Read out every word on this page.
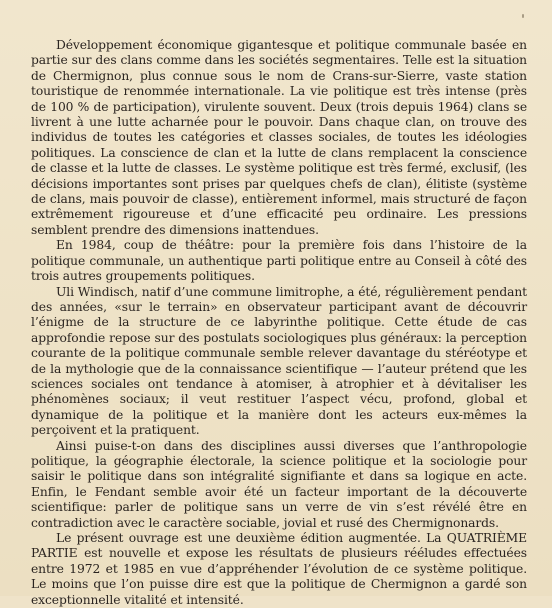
Développement économique gigantesque et politique communale basée en partie sur des clans comme dans les sociétés segmentaires. Telle est la situation de Chermignon, plus connue sous le nom de Crans-sur-Sierre, vaste station touristique de renommée internationale. La vie politique est très intense (près de 100 % de participation), virulente souvent. Deux (trois depuis 1964) clans se livrent à une lutte acharnée pour le pouvoir. Dans chaque clan, on trouve des individus de toutes les catégories et classes sociales, de toutes les idéologies politiques. La conscience de clan et la lutte de clans remplacent la conscience de classe et la lutte de classes. Le système politique est très fermé, exclusif, (les décisions importantes sont prises par quelques chefs de clan), élitiste (système de clans, mais pouvoir de classe), entièrement informel, mais structuré de façon extrêmement rigoureuse et d’une efficacité peu ordinaire. Les pressions semblent prendre des dimensions inattendues.

En 1984, coup de théâtre: pour la première fois dans l’histoire de la politique communale, un authentique parti politique entre au Conseil à côté des trois autres groupements politiques.

Uli Windisch, natif d’une commune limitrophe, a été, régulièrement pendant des années, «sur le terrain» en observateur participant avant de découvrir l’énigme de la structure de ce labyrinthe politique. Cette étude de cas approfondie repose sur des postulats sociologiques plus généraux: la perception courante de la politique communale semble relever davantage du stéréotype et de la mythologie que de la connaissance scientifique — l’auteur prétend que les sciences sociales ont tendance à atomiser, à atrophier et à dévitaliser les phénomènes sociaux; il veut restituer l’aspect vécu, profond, global et dynamique de la politique et la manière dont les acteurs eux-mêmes la perçoivent et la pratiquent.

Ainsi puise-t-on dans des disciplines aussi diverses que l’anthropologie politique, la géographie électorale, la science politique et la sociologie pour saisir le politique dans son intégralité signifiante et dans sa logique en acte. Enfin, le Fendant semble avoir été un facteur important de la découverte scientifique: parler de politique sans un verre de vin s’est révélé être en contradiction avec le caractère sociable, jovial et rusé des Chermignonards.

Le présent ouvrage est une deuxième édition augmentée. La QUATRIÈME PARTIE est nouvelle et expose les résultats de plusieurs rééludes effectuées entre 1972 et 1985 en vue d’appréhender l’évolution de ce système politique. Le moins que l’on puisse dire est que la politique de Chermignon a gardé son exceptionnelle vitalité et intensité.
